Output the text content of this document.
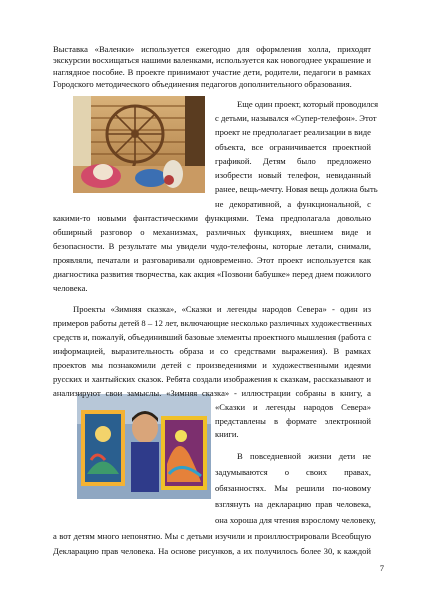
Выставка «Валенки» используется ежегодно для оформления холла, приходят

экскурсии восхищаться нашими валенками, используется как новогоднее украшение и

наглядное пособие. В проекте принимают участие дети, родители, педагоги в рамках

Городского методического объединения педагогов дополнительного образования.

Еще один проект, который проводился

с детьми, назывался «Супер-телефон». Этот

проект не предполагает реализации в виде

объекта, все ограничивается проектной

графикой. Детям было предложено

изобрести новый телефон, невиданный

ранее, вещь-мечту. Новая вещь должна быть

не декоративной, а функциональной, с

какими-то новыми фантастическими функциями. Тема предполагала довольно

обширный разговор о механизмах, различных функциях, внешнем виде и

безопасности. В результате мы увидели чудо-телефоны, которые летали, снимали,

проявляли, печатали и разговаривали одновременно. Этот проект используется как

диагностика развития творчества, как акция «Позвони бабушке» перед днем пожилого

человека.

Проекты «Зимняя сказка», «Сказки и легенды народов Севера» - один из

примеров работы детей 8 – 12 лет, включающие несколько различных художественных

средств и, пожалуй, объединивший базовые элементы проектного мышления (работа с

информацией, выразительность образа и со средствами выражения). В рамках

проектов мы познакомили детей с произведениями и художественными идеями

русских и хантыйских сказок. Ребята создали изображения к сказкам, рассказывают и

анализируют свои замыслы. «Зимняя сказка» - иллюстрации собраны в книгу, а

«Сказки и легенды народов Севера»

представлены в формате электронной

книги.

В повседневной жизни дети не

задумываются о своих правах,

обязанностях. Мы решили по-новому

взглянуть на декларацию прав человека,

она хороша для чтения взрослому человеку,

а вот детям много непонятно. Мы с детьми изучили и проиллюстрировали Всеобщую

Декларацию прав человека. На основе рисунков, а их получилось более 30, к каждой

7
